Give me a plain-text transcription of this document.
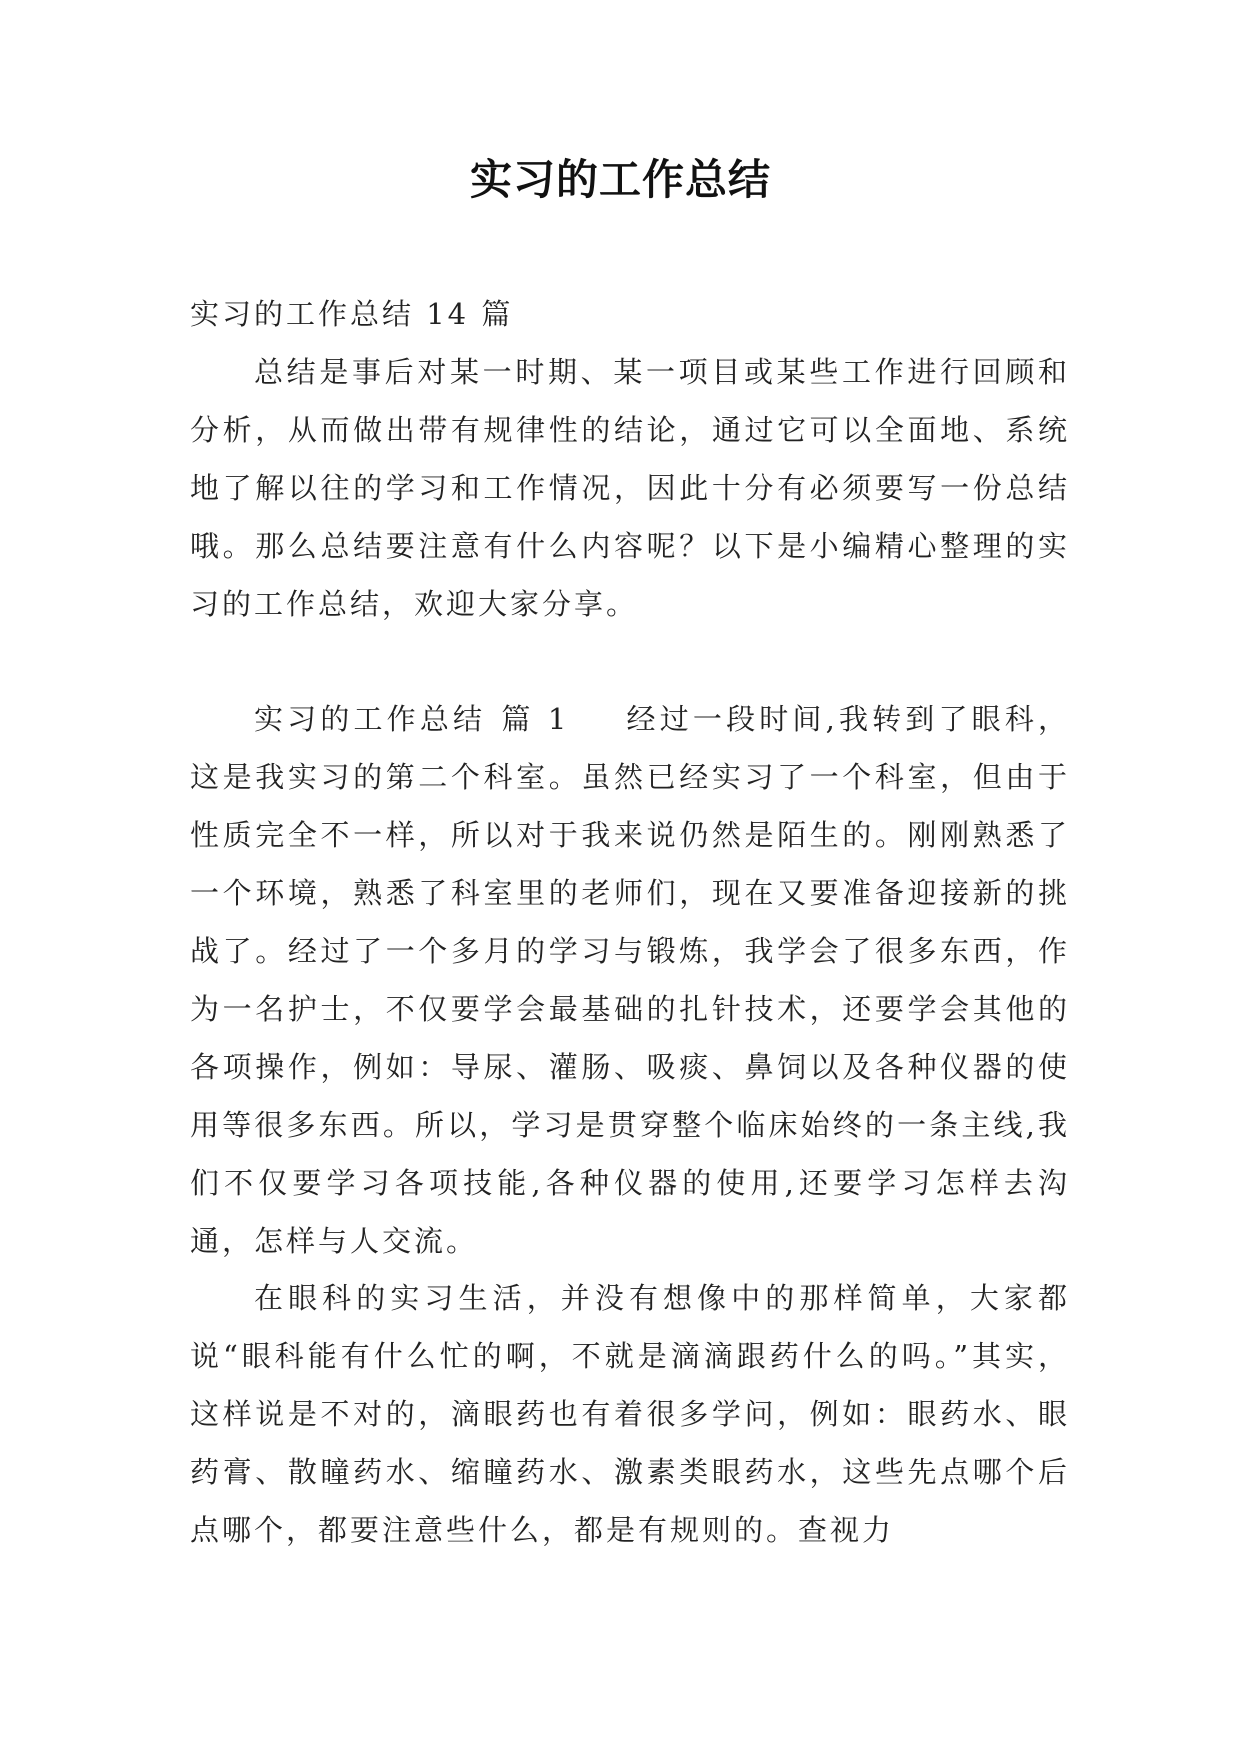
实习的工作总结
实习的工作总结 14 篇
总结是事后对某一时期、某一项目或某些工作进行回顾和分析，从而做出带有规律性的结论，通过它可以全面地、系统地了解以往的学习和工作情况，因此十分有必须要写一份总结哦。那么总结要注意有什么内容呢？以下是小编精心整理的实习的工作总结，欢迎大家分享。
实习的工作总结 篇 1 经过一段时间,我转到了眼科，这是我实习的第二个科室。虽然已经实习了一个科室，但由于性质完全不一样，所以对于我来说仍然是陌生的。刚刚熟悉了一个环境，熟悉了科室里的老师们，现在又要准备迎接新的挑战了。经过了一个多月的学习与锻炼，我学会了很多东西，作为一名护士，不仅要学会最基础的扎针技术，还要学会其他的各项操作，例如：导尿、灌肠、吸痰、鼻饲以及各种仪器的使用等很多东西。所以，学习是贯穿整个临床始终的一条主线,我们不仅要学习各项技能,各种仪器的使用,还要学习怎样去沟通，怎样与人交流。
在眼科的实习生活，并没有想像中的那样简单，大家都说“眼科能有什么忙的啊，不就是滴滴跟药什么的吗。”其实，这样说是不对的，滴眼药也有着很多学问，例如：眼药水、眼药膏、散瞳药水、缩瞳药水、激素类眼药水，这些先点哪个后点哪个，都要注意些什么，都是有规则的。查视力
